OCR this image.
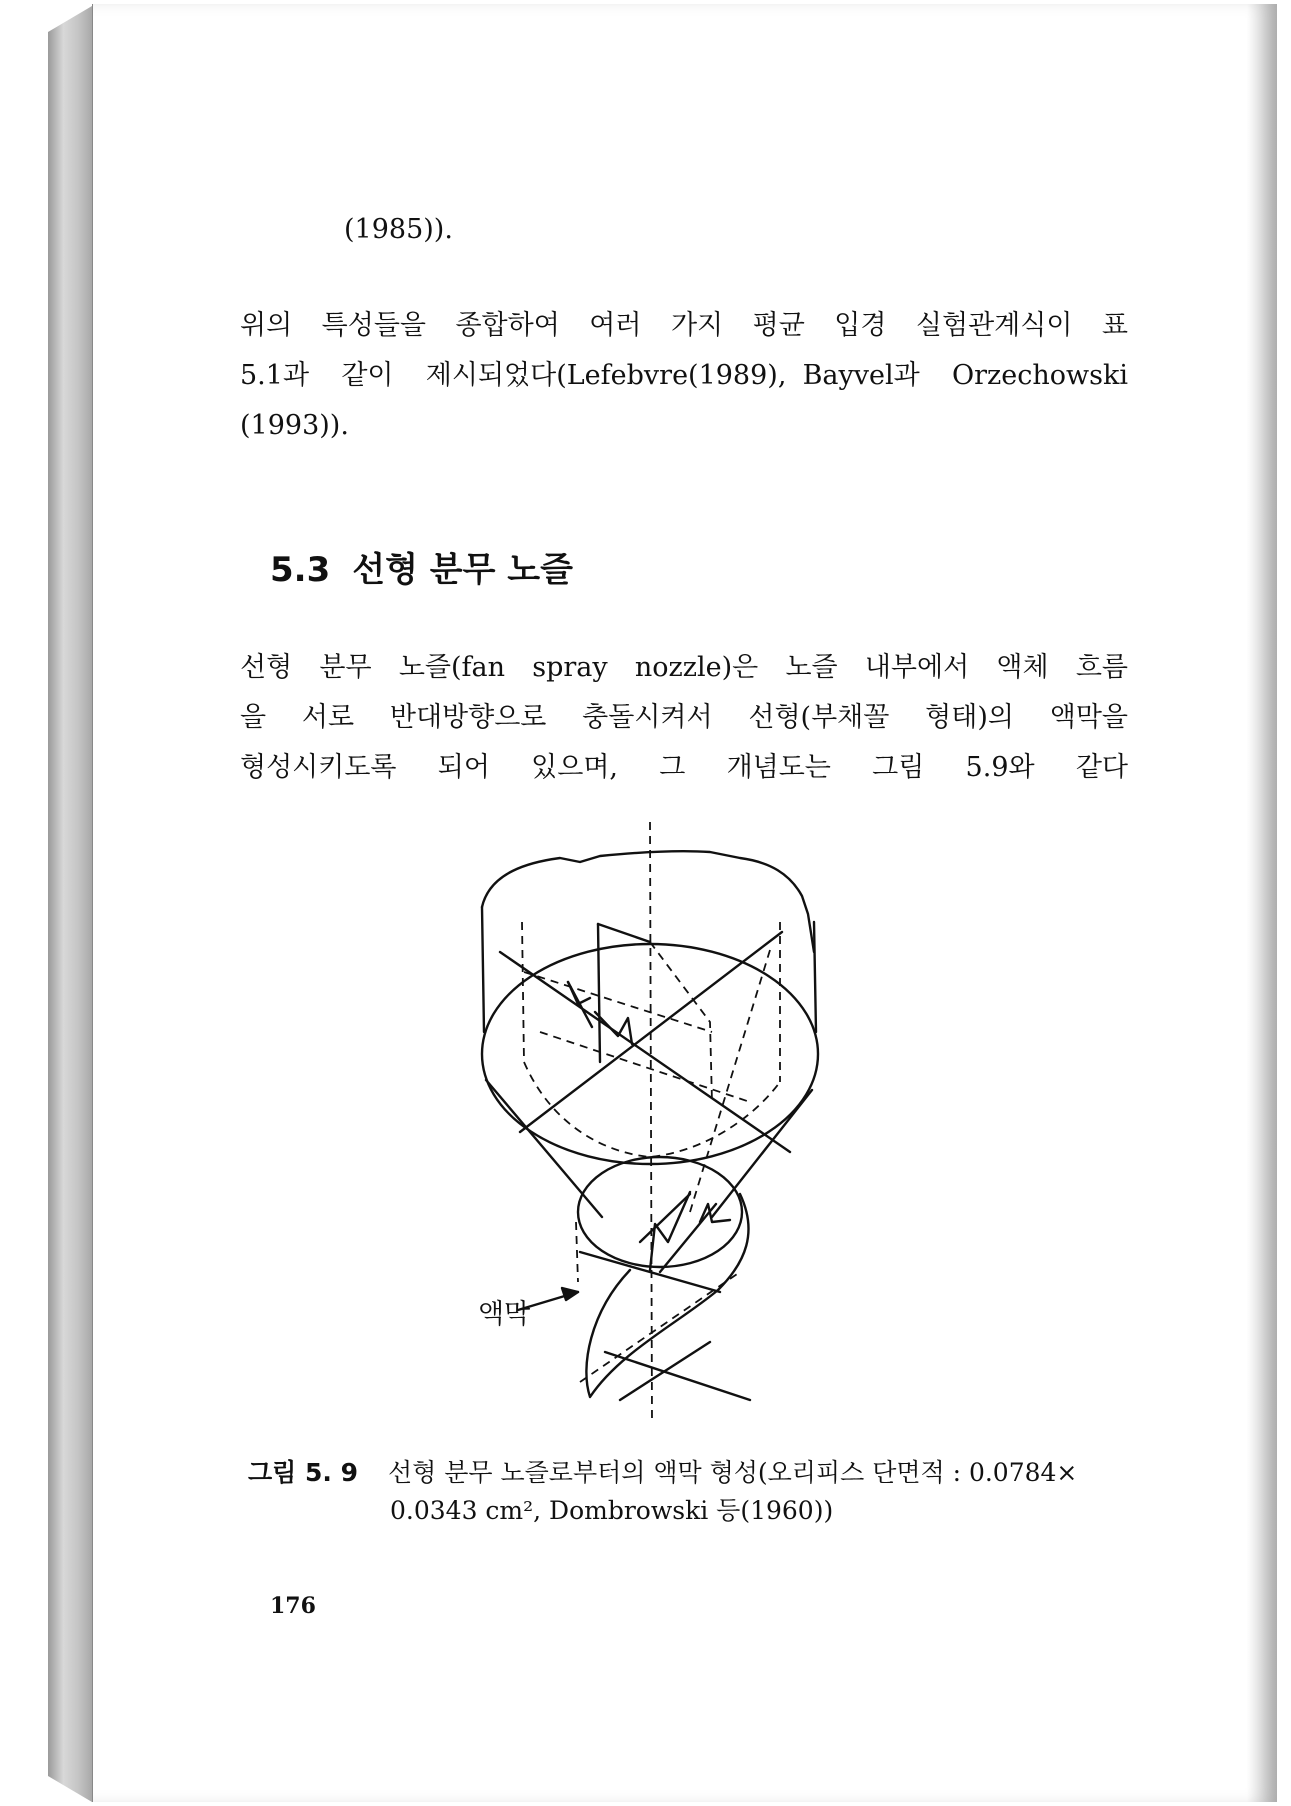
(1985)).

위의 특성들을 종합하여 여러 가지 평균 입경 실험관계식이 표

5.1과  같이  제시되었다(Lefebvre(1989), Bayvel과  Orzechowski

(1993)).

5.3 선형 분무 노즐

선형 분무 노즐(fan spray nozzle)은 노즐 내부에서 액체 흐름

을 서로 반대방향으로 충돌시켜서 선형(부채꼴 형태)의 액막을

형성시키도록 되어 있으며, 그 개념도는 그림 5.9와 같다

액막

그림 5. 9 선형 분무 노즐로부터의 액막 형성(오리피스 단면적 : 0.0784×

0.0343 cm², Dombrowski 등(1960))

176
